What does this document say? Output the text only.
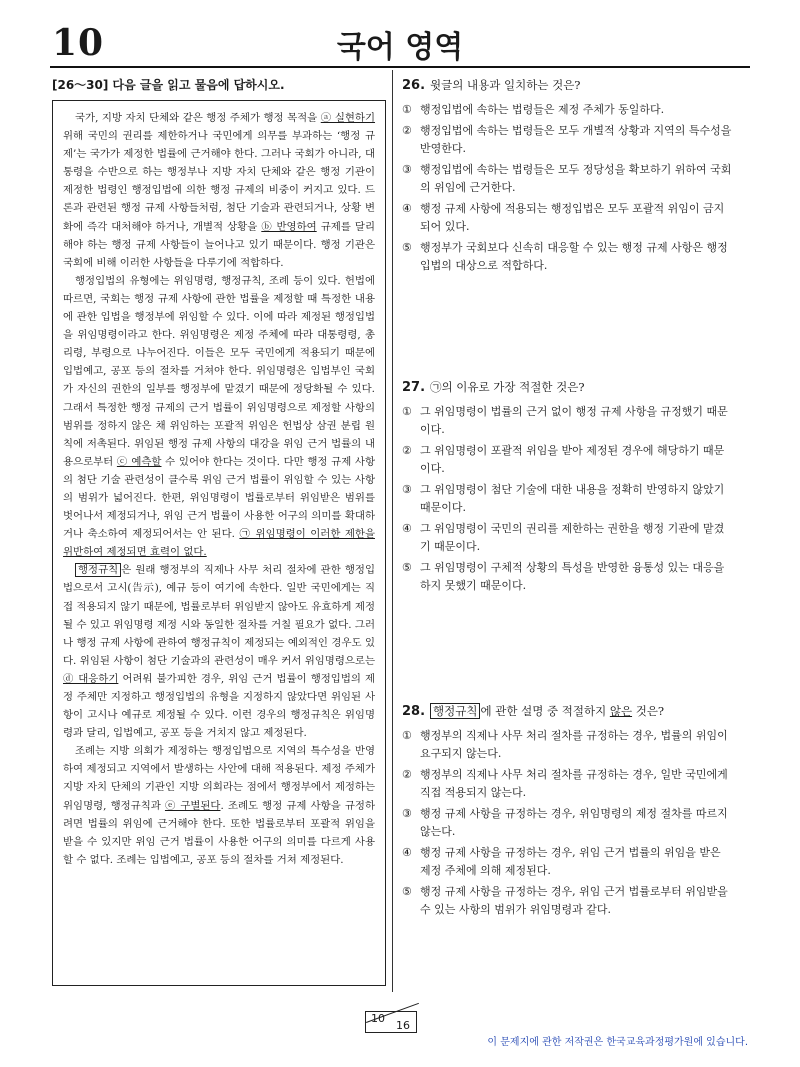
10	국어 영역
[26～30] 다음 글을 읽고 물음에 답하시오.

국가, 지방 자치 단체와 같은 행정 주체가 행정 목적을 ⓐ 실현하기 위해 국민의 권리를 제한하거나 국민에게 의무를 부과하는 ‘행정 규제’는 국가가 제정한 법률에 근거해야 한다. 그러나 국회가 아니라, 대통령을 수반으로 하는 행정부나 지방 자치 단체와 같은 행정 기관이 제정한 법령인 행정입법에 의한 행정 규제의 비중이 커지고 있다. 드론과 관련된 행정 규제 사항들처럼, 첨단 기술과 관련되거나, 상황 변화에 즉각 대처해야 하거나, 개별적 상황을 ⓑ 반영하여 규제를 달리해야 하는 행정 규제 사항들이 늘어나고 있기 때문이다. 행정 기관은 국회에 비해 이러한 사항들을 다루기에 적합하다.

행정입법의 유형에는 위임명령, 행정규칙, 조례 등이 있다. 헌법에 따르면, 국회는 행정 규제 사항에 관한 법률을 제정할 때 특정한 내용에 관한 입법을 행정부에 위임할 수 있다. 이에 따라 제정된 행정입법을 위임명령이라고 한다. 위임명령은 제정 주체에 따라 대통령령, 총리령, 부령으로 나누어진다. 이들은 모두 국민에게 적용되기 때문에 입법예고, 공포 등의 절차를 거쳐야 한다. 위임명령은 입법부인 국회가 자신의 권한의 일부를 행정부에 맡겼기 때문에 정당화될 수 있다. 그래서 특정한 행정 규제의 근거 법률이 위임명령으로 제정할 사항의 범위를 정하지 않은 채 위임하는 포괄적 위임은 헌법상 삼권 분립 원칙에 저촉된다. 위임된 행정 규제 사항의 대강을 위임 근거 법률의 내용으로부터 ⓒ 예측할 수 있어야 한다는 것이다. 다만 행정 규제 사항의 첨단 기술 관련성이 클수록 위임 근거 법률이 위임할 수 있는 사항의 범위가 넓어진다. 한편, 위임명령이 법률로부터 위임받은 범위를 벗어나서 제정되거나, 위임 근거 법률이 사용한 어구의 의미를 확대하거나 축소하여 제정되어서는 안 된다. ㉠ 위임명령이 이러한 제한을 위반하여 제정되면 효력이 없다.

행정규칙 은 원래 행정부의 직제나 사무 처리 절차에 관한 행정입법으로서 고시(告示), 예규 등이 여기에 속한다. 일반 국민에게는 직접 적용되지 않기 때문에, 법률로부터 위임받지 않아도 유효하게 제정될 수 있고 위임명령 제정 시와 동일한 절차를 거칠 필요가 없다. 그러나 행정 규제 사항에 관하여 행정규칙이 제정되는 예외적인 경우도 있다. 위임된 사항이 첨단 기술과의 관련성이 매우 커서 위임명령으로는 ⓓ 대응하기 어려워 불가피한 경우, 위임 근거 법률이 행정입법의 제정 주체만 지정하고 행정입법의 유형을 지정하지 않았다면 위임된 사항이 고시나 예규로 제정될 수 있다. 이런 경우의 행정규칙은 위임명령과 달리, 입법예고, 공포 등을 거치지 않고 제정된다.

조례는 지방 의회가 제정하는 행정입법으로 지역의 특수성을 반영하여 제정되고 지역에서 발생하는 사안에 대해 적용된다. 제정 주체가 지방 자치 단체의 기관인 지방 의회라는 점에서 행정부에서 제정하는 위임명령, 행정규칙과 ⓔ 구별된다. 조례도 행정 규제 사항을 규정하려면 법률의 위임에 근거해야 한다. 또한 법률로부터 포괄적 위임을 받을 수 있지만 위임 근거 법률이 사용한 어구의 의미를 다르게 사용할 수 없다. 조례는 입법예고, 공포 등의 절차를 거쳐 제정된다.

26. 윗글의 내용과 일치하는 것은?
① 행정입법에 속하는 법령들은 제정 주체가 동일하다.
② 행정입법에 속하는 법령들은 모두 개별적 상황과 지역의 특수성을 반영한다.
③ 행정입법에 속하는 법령들은 모두 정당성을 확보하기 위하여 국회의 위임에 근거한다.
④ 행정 규제 사항에 적용되는 행정입법은 모두 포괄적 위임이 금지되어 있다.
⑤ 행정부가 국회보다 신속히 대응할 수 있는 행정 규제 사항은 행정입법의 대상으로 적합하다.
27. ㉠의 이유로 가장 적절한 것은?
① 그 위임명령이 법률의 근거 없이 행정 규제 사항을 규정했기 때문이다.
② 그 위임명령이 포괄적 위임을 받아 제정된 경우에 해당하기 때문이다.
③ 그 위임명령이 첨단 기술에 대한 내용을 정확히 반영하지 않았기 때문이다.
④ 그 위임명령이 국민의 권리를 제한하는 권한을 행정 기관에 맡겼기 때문이다.
⑤ 그 위임명령이 구체적 상황의 특성을 반영한 융통성 있는 대응을 하지 못했기 때문이다.
28. 행정규칙 에 관한 설명 중 적절하지 않은 것은?
① 행정부의 직제나 사무 처리 절차를 규정하는 경우, 법률의 위임이 요구되지 않는다.
② 행정부의 직제나 사무 처리 절차를 규정하는 경우, 일반 국민에게 직접 적용되지 않는다.
③ 행정 규제 사항을 규정하는 경우, 위임명령의 제정 절차를 따르지 않는다.
④ 행정 규제 사항을 규정하는 경우, 위임 근거 법률의 위임을 받은 제정 주체에 의해 제정된다.
⑤ 행정 규제 사항을 규정하는 경우, 위임 근거 법률로부터 위임받을 수 있는 사항의 범위가 위임명령과 같다.
10
16
이 문제지에 관한 저작권은 한국교육과정평가원에 있습니다.
